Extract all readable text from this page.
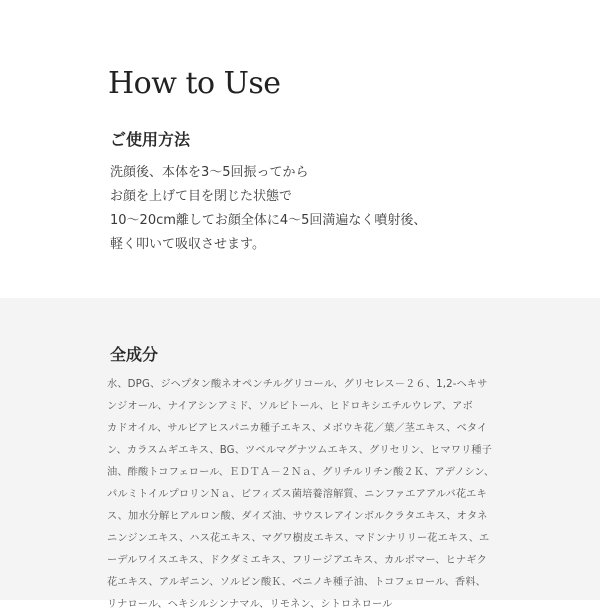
How to Use
ご使用方法
洗顔後、本体を3〜5回振ってから
お顔を上げて目を閉じた状態で
10〜20cm離してお顔全体に4〜5回満遍なく噴射後、
軽く叩いて吸収させます。
全成分
水、DPG、ジヘプタン酸ネオペンチルグリコール、グリセレス－２６、1,2-ヘキサ
ンジオール、ナイアシンアミド、ソルビトール、ヒドロキシエチルウレア、アボ
カドオイル、サルビアヒスパニカ種子エキス、メボウキ花／葉／茎エキス、ベタイ
ン、カラスムギエキス、BG、ツベルマグナツムエキス、グリセリン、ヒマワリ種子
油、酢酸トコフェロール、ＥＤＴＡ－２Ｎａ、グリチルリチン酸２Ｋ、アデノシン、
パルミトイルプロリンＮａ、ビフィズス菌培養溶解質、ニンファエアアルバ花エキ
ス、加水分解ヒアルロン酸、ダイズ油、サウスレアインボルクラタエキス、オタネ
ニンジンエキス、ハス花エキス、マグワ樹皮エキス、マドンナリリー花エキス、エ
ーデルワイスエキス、ドクダミエキス、フリージアエキス、カルボマー、ヒナギク
花エキス、アルギニン、ソルビン酸Ｋ、ベニノキ種子油、トコフェロール、香料、
リナロール、ヘキシルシンナマル、リモネン、シトロネロール
